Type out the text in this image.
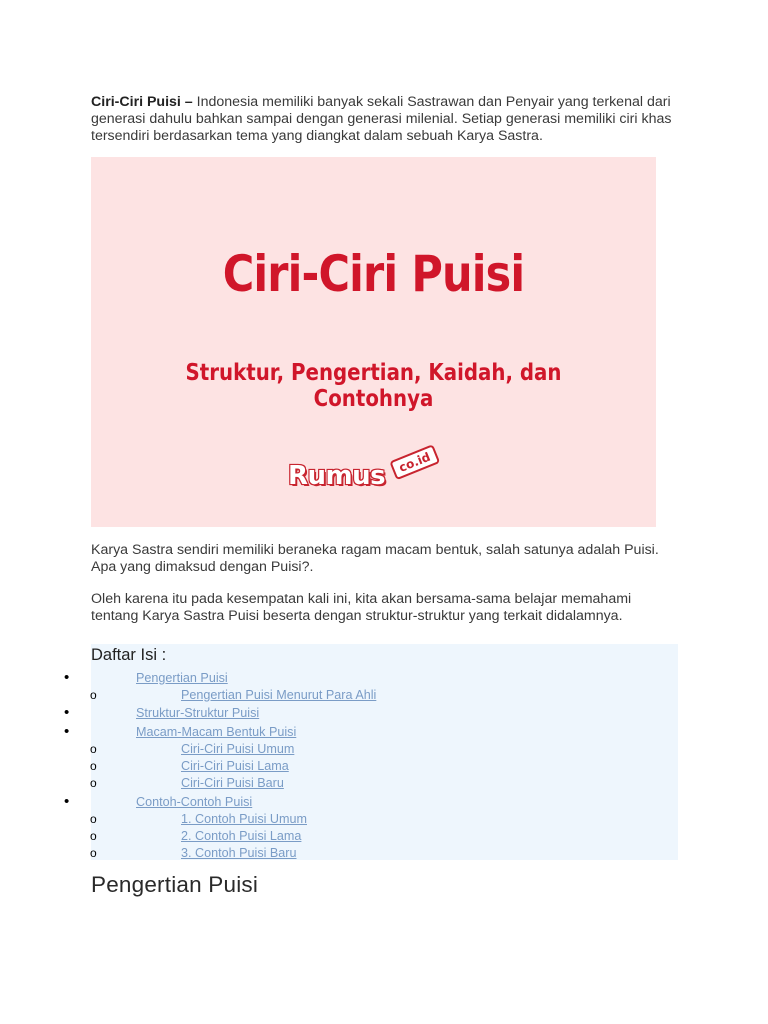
Ciri-Ciri Puisi – Indonesia memiliki banyak sekali Sastrawan dan Penyair yang terkenal dari generasi dahulu bahkan sampai dengan generasi milenial. Setiap generasi memiliki ciri khas tersendiri berdasarkan tema yang diangkat dalam sebuah Karya Sastra.

Ciri-Ciri Puisi
Struktur, Pengertian, Kaidah, dan Contohnya
Rumus co.id

Karya Sastra sendiri memiliki beraneka ragam macam bentuk, salah satunya adalah Puisi. Apa yang dimaksud dengan Puisi?.

Oleh karena itu pada kesempatan kali ini, kita akan bersama-sama belajar memahami tentang Karya Sastra Puisi beserta dengan struktur-struktur yang terkait didalamnya.

Daftar Isi :
•	Pengertian Puisi
o	Pengertian Puisi Menurut Para Ahli
•	Struktur-Struktur Puisi
•	Macam-Macam Bentuk Puisi
o	Ciri-Ciri Puisi Umum
o	Ciri-Ciri Puisi Lama
o	Ciri-Ciri Puisi Baru
•	Contoh-Contoh Puisi
o	1. Contoh Puisi Umum
o	2. Contoh Puisi Lama
o	3. Contoh Puisi Baru
Pengertian Puisi
